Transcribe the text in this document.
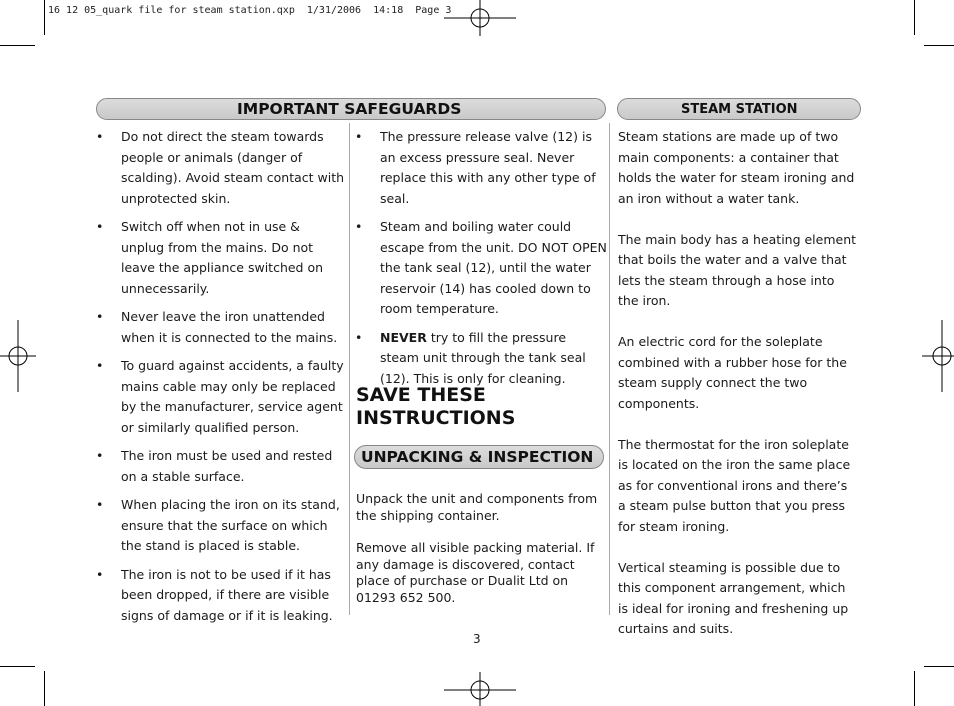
16 12 05_quark file for steam station.qxp  1/31/2006  14:18  Page 3
IMPORTANT SAFEGUARDS	STEAM STATION
• Do not direct the steam towards people or animals (danger of scalding). Avoid steam contact with unprotected skin.
• Switch off when not in use & unplug from the mains. Do not leave the appliance switched on unnecessarily.
• Never leave the iron unattended when it is connected to the mains.
• To guard against accidents, a faulty mains cable may only be replaced by the manufacturer, service agent or similarly qualified person.
• The iron must be used and rested on a stable surface.
• When placing the iron on its stand, ensure that the surface on which the stand is placed is stable.
• The iron is not to be used if it has been dropped, if there are visible signs of damage or if it is leaking.
• The pressure release valve (12) is an excess pressure seal. Never replace this with any other type of seal.
• Steam and boiling water could escape from the unit. DO NOT OPEN the tank seal (12), until the water reservoir (14) has cooled down to room temperature.
• NEVER try to fill the pressure steam unit through the tank seal (12). This is only for cleaning.
SAVE THESE
INSTRUCTIONS
UNPACKING & INSPECTION

Unpack the unit and components from the shipping container.

Remove all visible packing material. If any damage is discovered, contact place of purchase or Dualit Ltd on 01293 652 500.

Steam stations are made up of two main components: a container that holds the water for steam ironing and an iron without a water tank.

The main body has a heating element that boils the water and a valve that lets the steam through a hose into the iron.

An electric cord for the soleplate combined with a rubber hose for the steam supply connect the two components.

The thermostat for the iron soleplate is located on the iron the same place as for conventional irons and there’s a steam pulse button that you press for steam ironing.

Vertical steaming is possible due to this component arrangement, which is ideal for ironing and freshening up curtains and suits.

3
